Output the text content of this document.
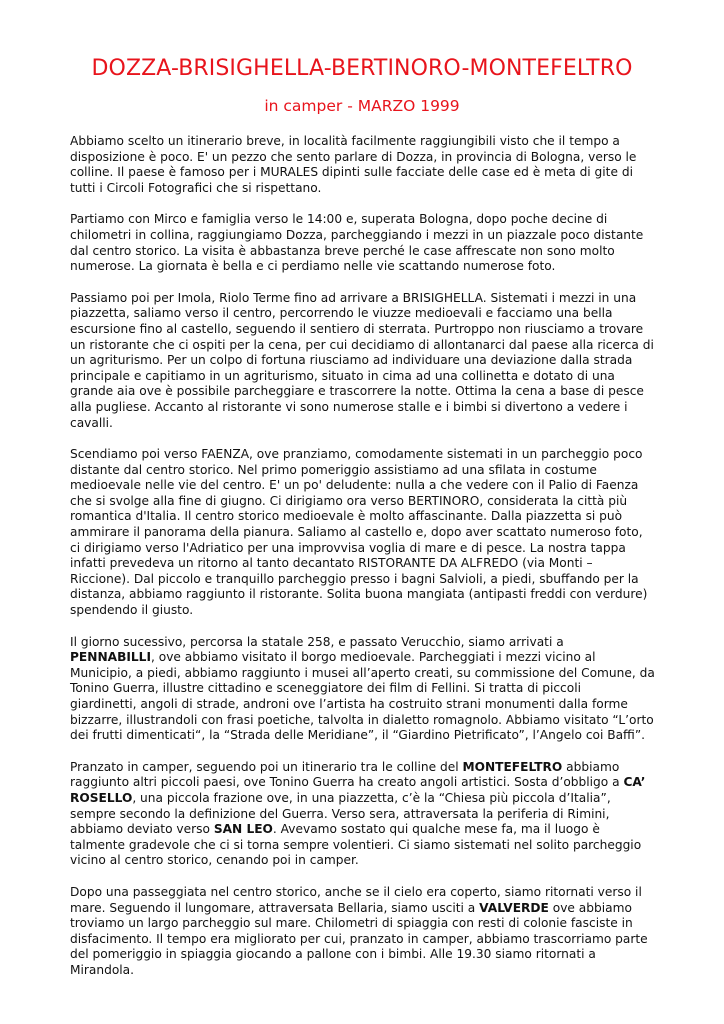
DOZZA-BRISIGHELLA-BERTINORO-MONTEFELTRO
in camper - MARZO 1999
Abbiamo scelto un itinerario breve, in località facilmente raggiungibili visto che il tempo a
disposizione è poco. E' un pezzo che sento parlare di Dozza, in provincia di Bologna, verso le
colline. Il paese è famoso per i MURALES dipinti sulle facciate delle case ed è meta di gite di
tutti i Circoli Fotografici che si rispettano.
Partiamo con Mirco e famiglia verso le 14:00 e, superata Bologna, dopo poche decine di
chilometri in collina, raggiungiamo Dozza, parcheggiando i mezzi in un piazzale poco distante
dal centro storico. La visita è abbastanza breve perché le case affrescate non sono molto
numerose. La giornata è bella e ci perdiamo nelle vie scattando numerose foto.
Passiamo poi per Imola, Riolo Terme fino ad arrivare a BRISIGHELLA. Sistemati i mezzi in una
piazzetta, saliamo verso il centro, percorrendo le viuzze medioevali e facciamo una bella
escursione fino al castello, seguendo il sentiero di sterrata. Purtroppo non riusciamo a trovare
un ristorante che ci ospiti per la cena, per cui decidiamo di allontanarci dal paese alla ricerca di
un agriturismo. Per un colpo di fortuna riusciamo ad individuare una deviazione dalla strada
principale e capitiamo in un agriturismo, situato in cima ad una collinetta e dotato di una
grande aia ove è possibile parcheggiare e trascorrere la notte. Ottima la cena a base di pesce
alla pugliese. Accanto al ristorante vi sono numerose stalle e i bimbi si divertono a vedere i
cavalli.
Scendiamo poi verso FAENZA, ove pranziamo, comodamente sistemati in un parcheggio poco
distante dal centro storico. Nel primo pomeriggio assistiamo ad una sfilata in costume
medioevale nelle vie del centro. E' un po' deludente: nulla a che vedere con il Palio di Faenza
che si svolge alla fine di giugno. Ci dirigiamo ora verso BERTINORO, considerata la città più
romantica d'Italia. Il centro storico medioevale è molto affascinante. Dalla piazzetta si può
ammirare il panorama della pianura. Saliamo al castello e, dopo aver scattato numeroso foto,
ci dirigiamo verso l'Adriatico per una improvvisa voglia di mare e di pesce. La nostra tappa
infatti prevedeva un ritorno al tanto decantato RISTORANTE DA ALFREDO (via Monti –
Riccione). Dal piccolo e tranquillo parcheggio presso i bagni Salvioli, a piedi, sbuffando per la
distanza, abbiamo raggiunto il ristorante. Solita buona mangiata (antipasti freddi con verdure)
spendendo il giusto.
Il giorno sucessivo, percorsa la statale 258, e passato Verucchio, siamo arrivati a
PENNABILLI, ove abbiamo visitato il borgo medioevale. Parcheggiati i mezzi vicino al
Municipio, a piedi, abbiamo raggiunto i musei all’aperto creati, su commissione del Comune, da
Tonino Guerra, illustre cittadino e sceneggiatore dei film di Fellini. Si tratta di piccoli
giardinetti, angoli di strade, androni ove l’artista ha costruito strani monumenti dalla forme
bizzarre, illustrandoli con frasi poetiche, talvolta in dialetto romagnolo. Abbiamo visitato “L’orto
dei frutti dimenticati“, la “Strada delle Meridiane”, il “Giardino Pietrificato”, l’Angelo coi Baffi”.
Pranzato in camper, seguendo poi un itinerario tra le colline del MONTEFELTRO abbiamo
raggiunto altri piccoli paesi, ove Tonino Guerra ha creato angoli artistici. Sosta d’obbligo a CA’
ROSELLO, una piccola frazione ove, in una piazzetta, c’è la “Chiesa più piccola d’Italia”,
sempre secondo la definizione del Guerra. Verso sera, attraversata la periferia di Rimini,
abbiamo deviato verso SAN LEO. Avevamo sostato qui qualche mese fa, ma il luogo è
talmente gradevole che ci si torna sempre volentieri. Ci siamo sistemati nel solito parcheggio
vicino al centro storico, cenando poi in camper.
Dopo una passeggiata nel centro storico, anche se il cielo era coperto, siamo ritornati verso il
mare. Seguendo il lungomare, attraversata Bellaria, siamo usciti a VALVERDE ove abbiamo
troviamo un largo parcheggio sul mare. Chilometri di spiaggia con resti di colonie fasciste in
disfacimento. Il tempo era migliorato per cui, pranzato in camper, abbiamo trascorriamo parte
del pomeriggio in spiaggia giocando a pallone con i bimbi. Alle 19.30 siamo ritornati a
Mirandola.
